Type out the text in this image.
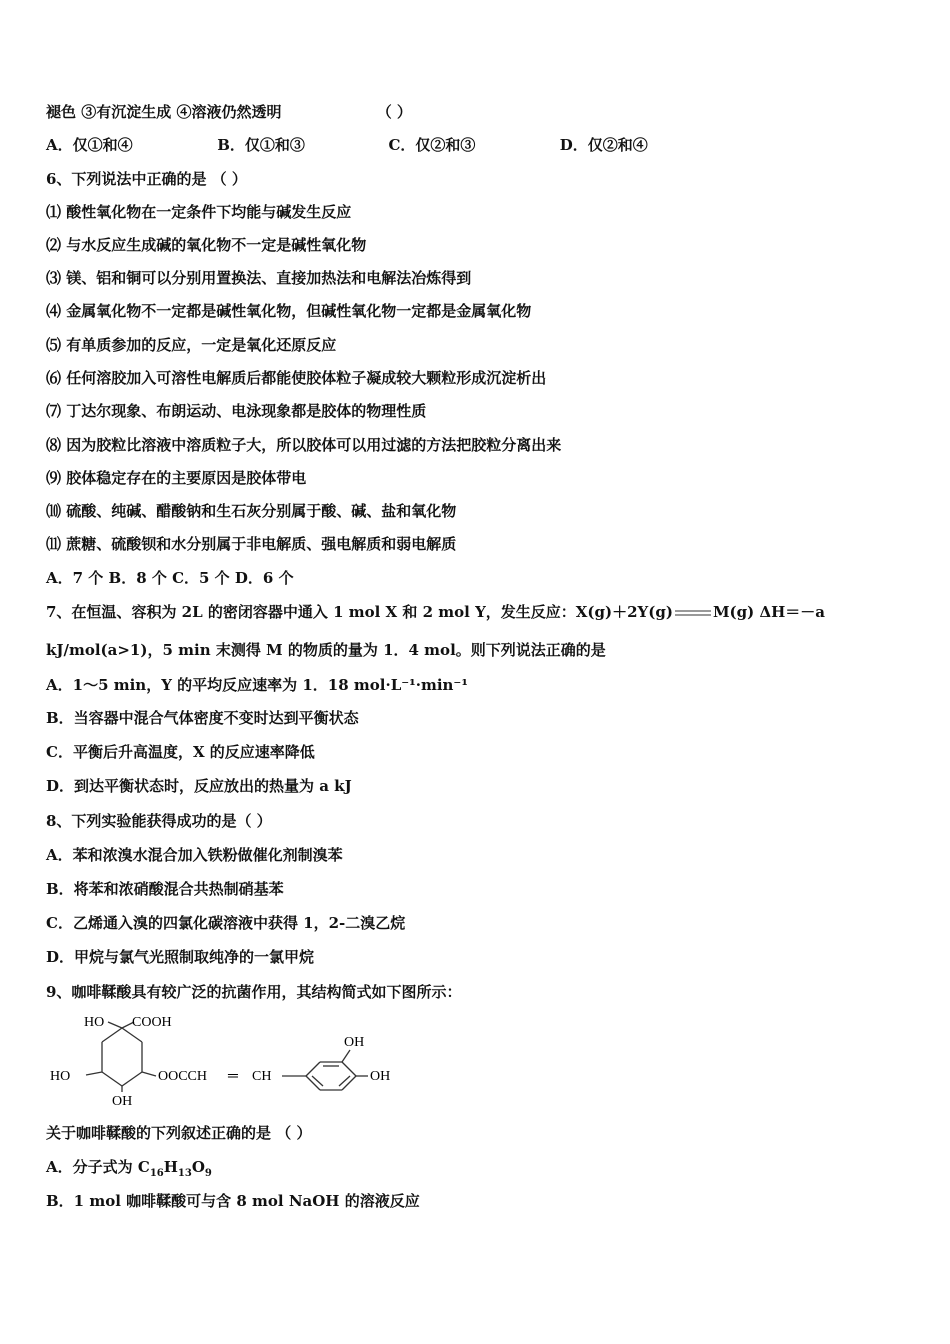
褪色 ③有沉淀生成 ④溶液仍然透明	（ ）
A．仅①和④	B．仅①和③	C．仅②和③	D．仅②和④
6、下列说法中正确的是 （ ）
⑴ 酸性氧化物在一定条件下均能与碱发生反应
⑵ 与水反应生成碱的氧化物不一定是碱性氧化物
⑶ 镁、铝和铜可以分别用置换法、直接加热法和电解法冶炼得到
⑷ 金属氧化物不一定都是碱性氧化物，但碱性氧化物一定都是金属氧化物
⑸ 有单质参加的反应，一定是氧化还原反应
⑹ 任何溶胶加入可溶性电解质后都能使胶体粒子凝成较大颗粒形成沉淀析出
⑺ 丁达尔现象、布朗运动、电泳现象都是胶体的物理性质
⑻ 因为胶粒比溶液中溶质粒子大，所以胶体可以用过滤的方法把胶粒分离出来
⑼ 胶体稳定存在的主要原因是胶体带电
⑽ 硫酸、纯碱、醋酸钠和生石灰分别属于酸、碱、盐和氧化物
⑾ 蔗糖、硫酸钡和水分别属于非电解质、强电解质和弱电解质
A．7 个 B．8 个 C．5 个 D．6 个
7、在恒温、容积为 2L 的密闭容器中通入 1 mol X 和 2 mol Y，发生反应：X(g)＋2Y(g)	M(g) ΔH＝－a
kJ/mol(a>1)，5 min 末测得 M 的物质的量为 1．4 mol。则下列说法正确的是
A．1～5 min，Y 的平均反应速率为 1．18 mol·L⁻¹·min⁻¹
B．当容器中混合气体密度不变时达到平衡状态
C．平衡后升高温度，X 的反应速率降低
D．到达平衡状态时，反应放出的热量为 a kJ
8、下列实验能获得成功的是（ ）
A．苯和浓溴水混合加入铁粉做催化剂制溴苯
B．将苯和浓硝酸混合共热制硝基苯
C．乙烯通入溴的四氯化碳溶液中获得 1，2-二溴乙烷
D．甲烷与氯气光照制取纯净的一氯甲烷
9、咖啡鞣酸具有较广泛的抗菌作用，其结构简式如下图所示：
HO COOH
HO
OH
OOCCH ═ CH
OH
OH
关于咖啡鞣酸的下列叙述正确的是 （ ）
A．分子式为 $C_{16}H_{13}O_9$
B．1 mol 咖啡鞣酸可与含 8 mol NaOH 的溶液反应
